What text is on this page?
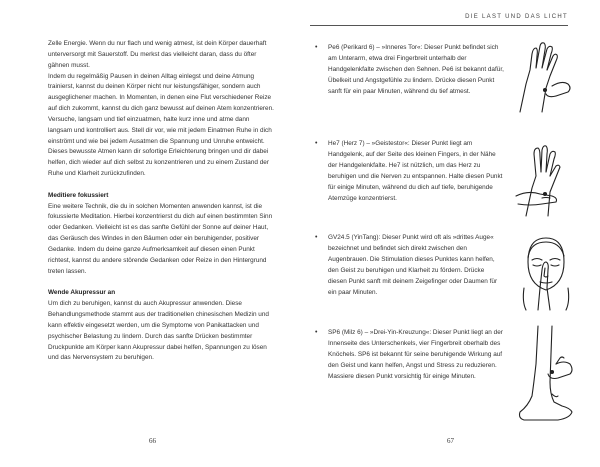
Zelle Energie. Wenn du nur flach und wenig atmest, ist dein Körper dauerhaft unterversorgt mit Sauerstoff. Du merkst das vielleicht daran, dass du öfter gähnen musst.

Indem du regelmäßig Pausen in deinen Alltag einlegst und deine Atmung trainierst, kannst du deinen Körper nicht nur leistungsfähiger, sondern auch ausgeglichener machen. In Momenten, in denen eine Flut verschiedener Reize auf dich zukommt, kannst du dich ganz bewusst auf deinen Atem konzentrieren. Versuche, langsam und tief einzuatmen, halte kurz inne und atme dann langsam und kontrolliert aus. Stell dir vor, wie mit jedem Einatmen Ruhe in dich einströmt und wie bei jedem Ausatmen die Spannung und Unruhe entweicht. Dieses bewusste Atmen kann dir sofortige Erleichterung bringen und dir dabei helfen, dich wieder auf dich selbst zu konzentrieren und zu einem Zustand der Ruhe und Klarheit zurückzufinden.

Meditiere fokussiert

Eine weitere Technik, die du in solchen Momenten anwenden kannst, ist die fokussierte Meditation. Hierbei konzentrierst du dich auf einen bestimmten Sinn oder Gedanken. Vielleicht ist es das sanfte Gefühl der Sonne auf deiner Haut, das Geräusch des Windes in den Bäumen oder ein beruhigender, positiver Gedanke. Indem du deine ganze Aufmerksamkeit auf diesen einen Punkt richtest, kannst du andere störende Gedanken oder Reize in den Hintergrund treten lassen.

Wende Akupressur an

Um dich zu beruhigen, kannst du auch Akupressur anwenden. Diese Behandlungsmethode stammt aus der traditionellen chinesischen Medizin und kann effektiv eingesetzt werden, um die Symptome von Panikattacken und psychischer Belastung zu lindern. Durch das sanfte Drücken bestimmter Druckpunkte am Körper kann Akupressur dabei helfen, Spannungen zu lösen und das Nervensystem zu beruhigen.

66
DIE LAST UND DAS LICHT
• Pe6 (Perikard 6) – »Inneres Tor«: Dieser Punkt befindet sich am Unterarm, etwa drei Fingerbreit unterhalb der Handgelenkfalte zwischen den Sehnen. Pe6 ist bekannt dafür, Übelkeit und Angstgefühle zu lindern. Drücke diesen Punkt sanft für ein paar Minuten, während du tief atmest.

• He7 (Herz 7) – »Geistestor«: Dieser Punkt liegt am Handgelenk, auf der Seite des kleinen Fingers, in der Nähe der Handgelenkfalte. He7 ist nützlich, um das Herz zu beruhigen und die Nerven zu entspannen. Halte diesen Punkt für einige Minuten, während du dich auf tiefe, beruhigende Atemzüge konzentrierst.

• GV24.5 (YinTang): Dieser Punkt wird oft als »drittes Auge« bezeichnet und befindet sich direkt zwischen den Augenbrauen. Die Stimulation dieses Punktes kann helfen, den Geist zu beruhigen und Klarheit zu fördern. Drücke diesen Punkt sanft mit deinem Zeigefinger oder Daumen für ein paar Minuten.

• SP6 (Milz 6) – »Drei-Yin-Kreuzung«: Dieser Punkt liegt an der Innenseite des Unterschenkels, vier Fingerbreit oberhalb des Knöchels. SP6 ist bekannt für seine beruhigende Wirkung auf den Geist und kann helfen, Angst und Stress zu reduzieren. Massiere diesen Punkt vorsichtig für einige Minuten.

67
